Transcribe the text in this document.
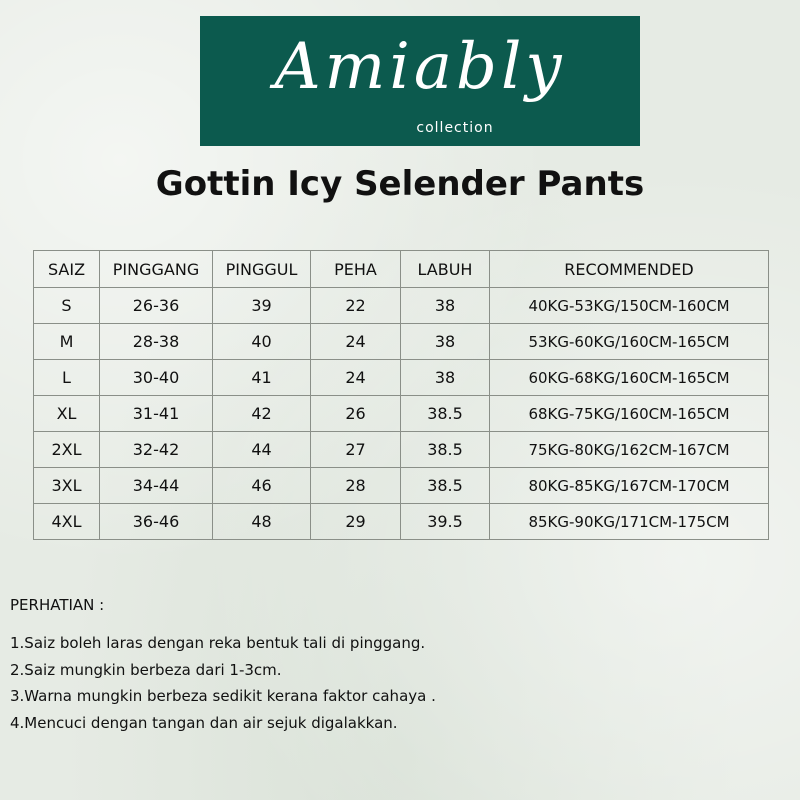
Amiably
collection
Gottin Icy Selender Pants
SAIZ	PINGGANG	PINGGUL	PEHA	LABUH	RECOMMENDED
S	26-36	39	22	38	40KG-53KG/150CM-160CM
M	28-38	40	24	38	53KG-60KG/160CM-165CM
L	30-40	41	24	38	60KG-68KG/160CM-165CM
XL	31-41	42	26	38.5	68KG-75KG/160CM-165CM
2XL	32-42	44	27	38.5	75KG-80KG/162CM-167CM
3XL	34-44	46	28	38.5	80KG-85KG/167CM-170CM
4XL	36-46	48	29	39.5	85KG-90KG/171CM-175CM
PERHATIAN :
1.Saiz boleh laras dengan reka bentuk tali di pinggang.
2.Saiz mungkin berbeza dari 1-3cm.
3.Warna mungkin berbeza sedikit kerana faktor cahaya .
4.Mencuci dengan tangan dan air sejuk digalakkan.
